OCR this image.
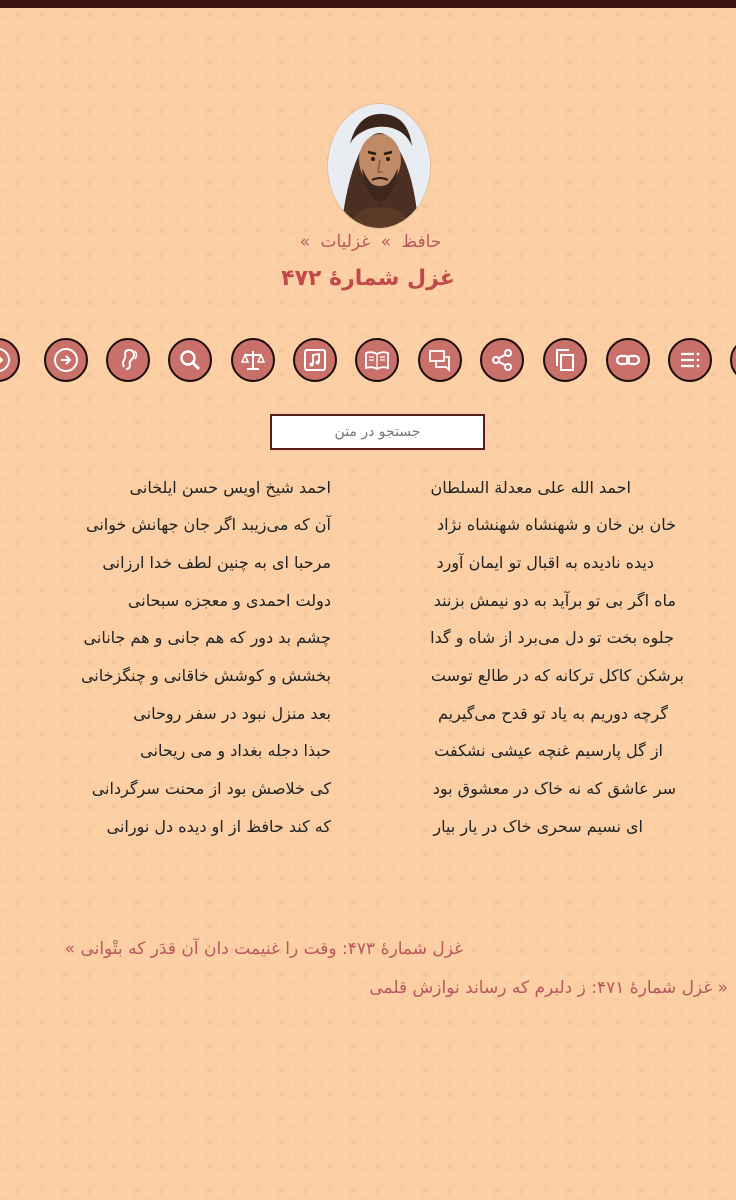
حافظ » غزلیات »
غزل شمارهٔ ۴۷۲
جستجو در متن
احمد الله علی معدلة السلطان
احمد شیخ اویس حسن ایلخانی
خان بن خان و شهنشاه شهنشاه نژاد
آن که می‌زیبد اگر جان جهانش خوانی
دیده نادیده به اقبال تو ایمان آورد
مرحبا ای به چنین لطف خدا ارزانی
ماه اگر بی تو برآید به دو نیمش بزنند
دولت احمدی و معجزه سبحانی
جلوه بخت تو دل می‌برد از شاه و گدا
چشم بد دور که هم جانی و هم جانانی
برشکن کاکل ترکانه که در طالع توست
بخشش و کوشش خاقانی و چنگزخانی
گرچه دوریم به یاد تو قدح می‌گیریم
بعد منزل نبود در سفر روحانی
از گل پارسیم غنچه عیشی نشکفت
حبذا دجله بغداد و می ریحانی
سر عاشق که نه خاک در معشوق بود
کی خلاصش بود از محنت سرگردانی
ای نسیم سحری خاک در یار بیار
که کند حافظ از او دیده دل نورانی
غزل شمارهٔ ۴۷۳: وقت را غنیمت دان آن قدَر که بتْوانی »
« غزل شمارهٔ ۴۷۱: ز دلبرم که رساند نوازش قلمی
